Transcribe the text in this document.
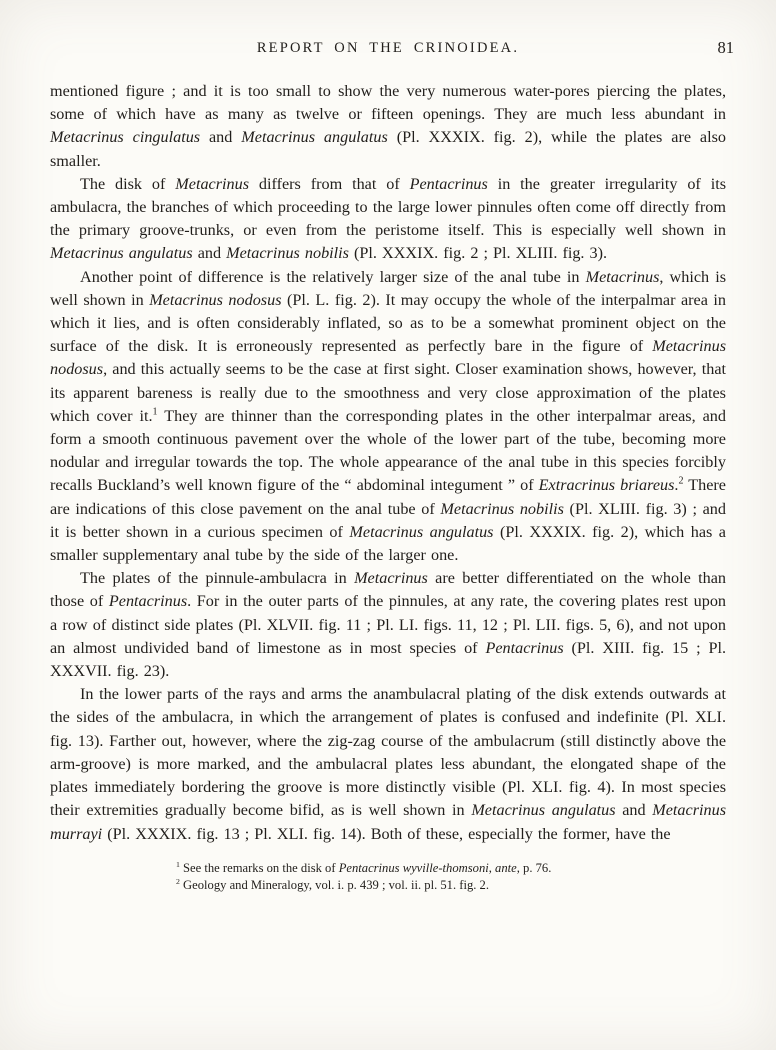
REPORT ON THE CRINOIDEA.	81

mentioned figure ; and it is too small to show the very numerous water-pores piercing the plates, some of which have as many as twelve or fifteen openings. They are much less abundant in Metacrinus cingulatus and Metacrinus angulatus (Pl. XXXIX. fig. 2), while the plates are also smaller.

The disk of Metacrinus differs from that of Pentacrinus in the greater irregularity of its ambulacra, the branches of which proceeding to the large lower pinnules often come off directly from the primary groove-trunks, or even from the peristome itself. This is especially well shown in Metacrinus angulatus and Metacrinus nobilis (Pl. XXXIX. fig. 2 ; Pl. XLIII. fig. 3).

Another point of difference is the relatively larger size of the anal tube in Metacrinus, which is well shown in Metacrinus nodosus (Pl. L. fig. 2). It may occupy the whole of the interpalmar area in which it lies, and is often considerably inflated, so as to be a somewhat prominent object on the surface of the disk. It is erroneously represented as perfectly bare in the figure of Metacrinus nodosus, and this actually seems to be the case at first sight. Closer examination shows, however, that its apparent bareness is really due to the smoothness and very close approximation of the plates which cover it.$^1$ They are thinner than the corresponding plates in the other interpalmar areas, and form a smooth continuous pavement over the whole of the lower part of the tube, becoming more nodular and irregular towards the top. The whole appearance of the anal tube in this species forcibly recalls Buckland’s well known figure of the “ abdominal integument ” of Extracrinus briareus.$^2$ There are indications of this close pavement on the anal tube of Metacrinus nobilis (Pl. XLIII. fig. 3) ; and it is better shown in a curious specimen of Metacrinus angulatus (Pl. XXXIX. fig. 2), which has a smaller supplementary anal tube by the side of the larger one.

The plates of the pinnule-ambulacra in Metacrinus are better differentiated on the whole than those of Pentacrinus. For in the outer parts of the pinnules, at any rate, the covering plates rest upon a row of distinct side plates (Pl. XLVII. fig. 11 ; Pl. LI. figs. 11, 12 ; Pl. LII. figs. 5, 6), and not upon an almost undivided band of limestone as in most species of Pentacrinus (Pl. XIII. fig. 15 ; Pl. XXXVII. fig. 23).

In the lower parts of the rays and arms the anambulacral plating of the disk extends outwards at the sides of the ambulacra, in which the arrangement of plates is confused and indefinite (Pl. XLI. fig. 13). Farther out, however, where the zig-zag course of the ambulacrum (still distinctly above the arm-groove) is more marked, and the ambulacral plates less abundant, the elongated shape of the plates immediately bordering the groove is more distinctly visible (Pl. XLI. fig. 4). In most species their extremities gradually become bifid, as is well shown in Metacrinus angulatus and Metacrinus murrayi (Pl. XXXIX. fig. 13 ; Pl. XLI. fig. 14). Both of these, especially the former, have the

$^1$ See the remarks on the disk of Pentacrinus wyville-thomsoni, ante, p. 76.
$^2$ Geology and Mineralogy, vol. i. p. 439 ; vol. ii. pl. 51. fig. 2.
